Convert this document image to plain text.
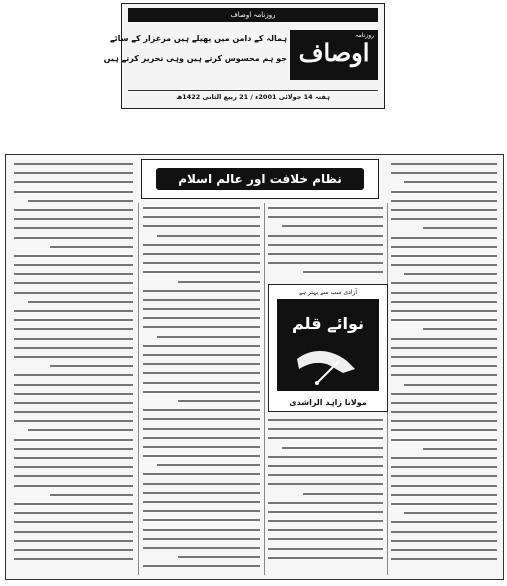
روزنامہ اوصاف
روزنامہ
اوصاف
ہمالہ کے دامن میں پھیلے ہیں مرغزار کے سائے
جو ہم محسوس کرتے ہیں وہی تحریر کرتے ہیں
ہفتہ 14 جولائی 2001ء / 21 ربیع الثانی 1422ھ
نظام خلافت اور عالم اسلام
آزادی سب سے بہتر ہے
نوائے قلم
مولانا زاہد الراشدی
